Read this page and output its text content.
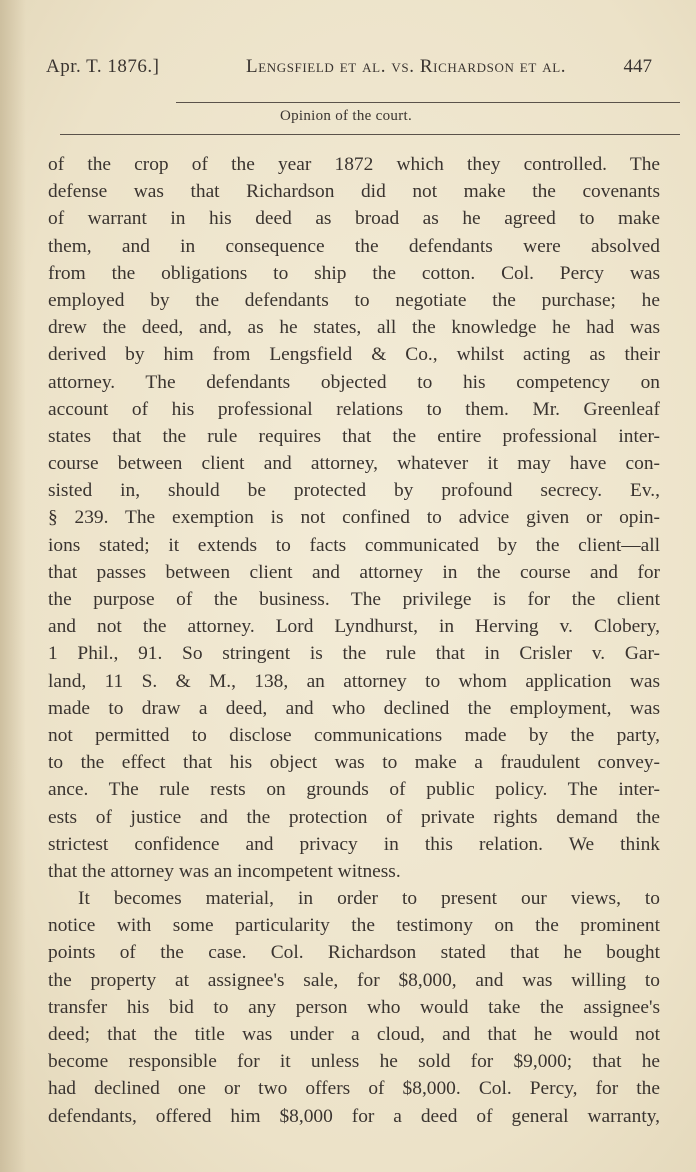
Apr. T. 1876.]	Lengsfield et al. vs. Richardson et al.	447
Opinion of the court.
of the crop of the year 1872 which they controlled. The
defense was that Richardson did not make the covenants
of warrant in his deed as broad as he agreed to make
them, and in consequence the defendants were absolved
from the obligations to ship the cotton. Col. Percy was
employed by the defendants to negotiate the purchase; he
drew the deed, and, as he states, all the knowledge he had was
derived by him from Lengsfield & Co., whilst acting as their
attorney. The defendants objected to his competency on
account of his professional relations to them. Mr. Greenleaf
states that the rule requires that the entire professional inter-
course between client and attorney, whatever it may have con-
sisted in, should be protected by profound secrecy. Ev.,
§ 239. The exemption is not confined to advice given or opin-
ions stated; it extends to facts communicated by the client—all
that passes between client and attorney in the course and for
the purpose of the business. The privilege is for the client
and not the attorney. Lord Lyndhurst, in Herving v. Clobery,
1 Phil., 91. So stringent is the rule that in Crisler v. Gar-
land, 11 S. & M., 138, an attorney to whom application was
made to draw a deed, and who declined the employment, was
not permitted to disclose communications made by the party,
to the effect that his object was to make a fraudulent convey-
ance. The rule rests on grounds of public policy. The inter-
ests of justice and the protection of private rights demand the
strictest confidence and privacy in this relation. We think
that the attorney was an incompetent witness.
It becomes material, in order to present our views, to
notice with some particularity the testimony on the prominent
points of the case. Col. Richardson stated that he bought
the property at assignee's sale, for $8,000, and was willing to
transfer his bid to any person who would take the assignee's
deed; that the title was under a cloud, and that he would not
become responsible for it unless he sold for $9,000; that he
had declined one or two offers of $8,000. Col. Percy, for the
defendants, offered him $8,000 for a deed of general warranty,
